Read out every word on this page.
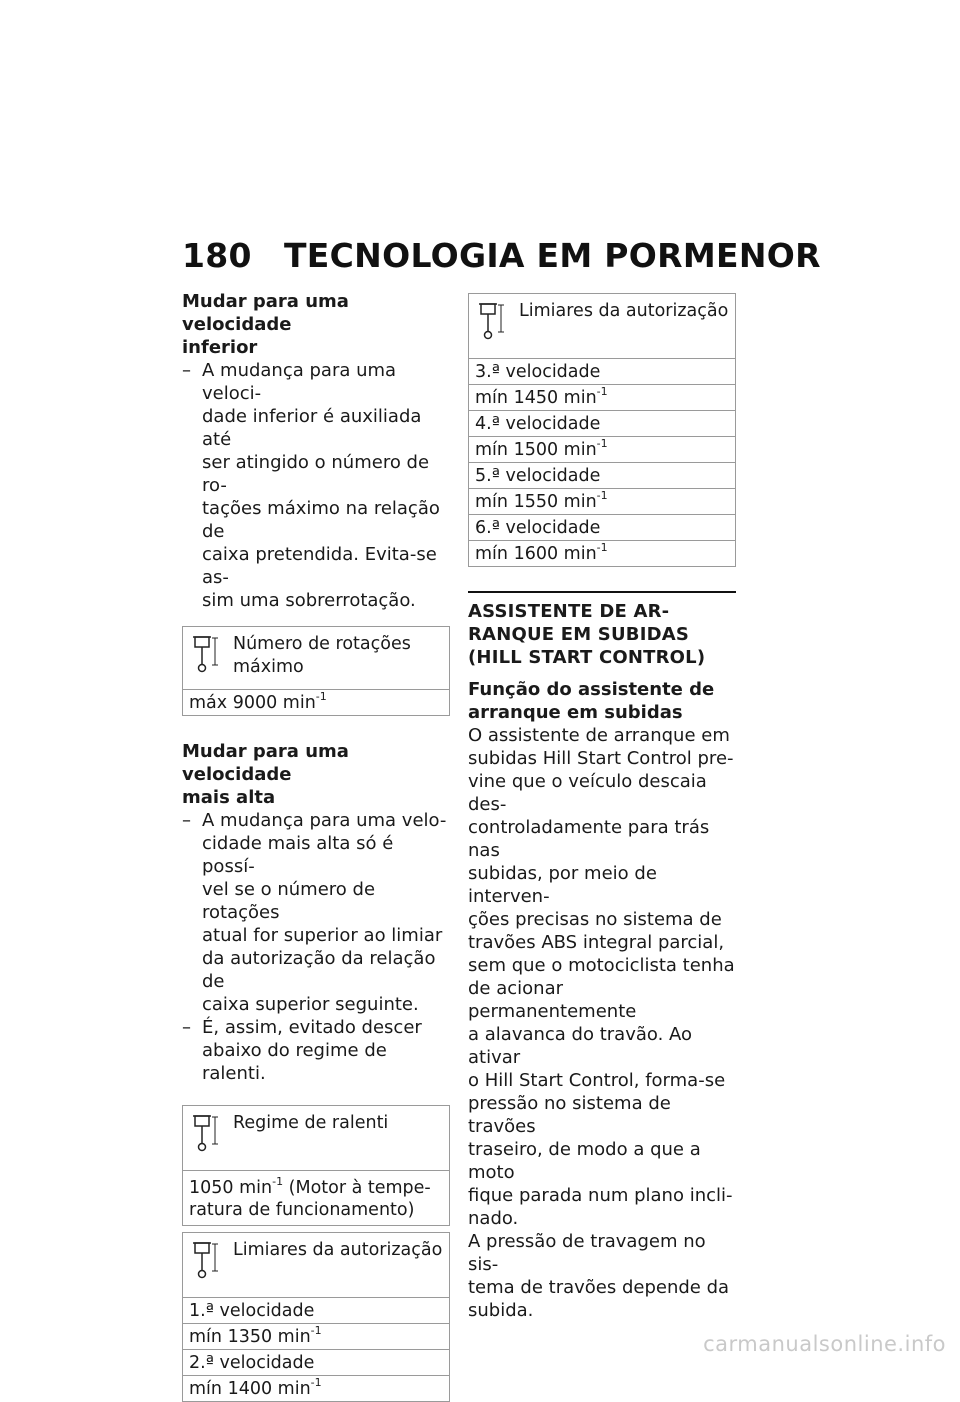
180 TECNOLOGIA EM PORMENOR

Mudar para uma velocidade
inferior

– A mudança para uma veloci-
dade inferior é auxiliada até
ser atingido o número de ro-
tações máximo na relação de
caixa pretendida. Evita-se as-
sim uma sobrerrotação.
Número de rotações
máximo
máx 9000 $\min^{-1}$

Mudar para uma velocidade
mais alta

– A mudança para uma velo-
cidade mais alta só é possí-
vel se o número de rotações
atual for superior ao limiar
da autorização da relação de
caixa superior seguinte.
– É, assim, evitado descer
abaixo do regime de ralenti.
Regime de ralenti
1050 $\min^{-1}$ (Motor à tempe-
ratura de funcionamento)
Limiares da autorização
1.ª velocidade
mín 1350 $\min^{-1}$
2.ª velocidade
mín 1400 $\min^{-1}$
Limiares da autorização
3.ª velocidade
mín 1450 $\min^{-1}$
4.ª velocidade
mín 1500 $\min^{-1}$
5.ª velocidade
mín 1550 $\min^{-1}$
6.ª velocidade
mín 1600 $\min^{-1}$

ASSISTENTE DE AR-
RANQUE EM SUBIDAS
(HILL START CONTROL)

Função do assistente de
arranque em subidas

O assistente de arranque em
subidas Hill Start Control pre-
vine que o veículo descaia des-
controladamente para trás nas
subidas, por meio de interven-
ções precisas no sistema de
travões ABS integral parcial,
sem que o motociclista tenha
de acionar permanentemente
a alavanca do travão. Ao ativar
o Hill Start Control, forma-se
pressão no sistema de travões
traseiro, de modo a que a moto
fique parada num plano incli-
nado.
A pressão de travagem no sis-
tema de travões depende da
subida.

carmanualsonline.info
